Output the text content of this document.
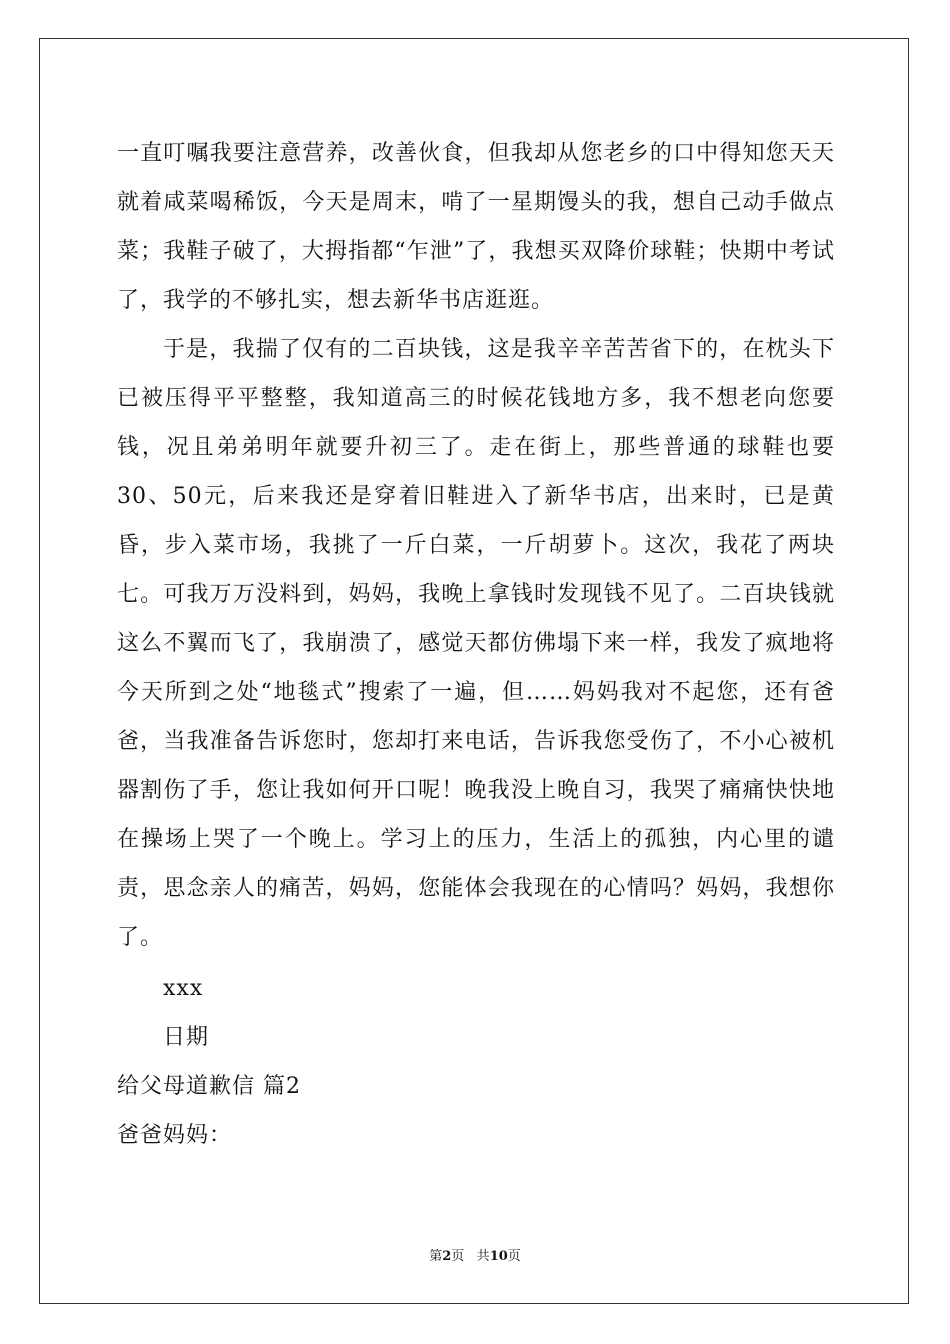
一直叮嘱我要注意营养，改善伙食，但我却从您老乡的口中得知您天天就着咸菜喝稀饭，今天是周末，啃了一星期馒头的我，想自己动手做点菜；我鞋子破了，大拇指都“乍泄”了，我想买双降价球鞋；快期中考试了，我学的不够扎实，想去新华书店逛逛。

于是，我揣了仅有的二百块钱，这是我辛辛苦苦省下的，在枕头下已被压得平平整整，我知道高三的时候花钱地方多，我不想老向您要钱，况且弟弟明年就要升初三了。走在街上，那些普通的球鞋也要30、50元，后来我还是穿着旧鞋进入了新华书店，出来时，已是黄昏，步入菜市场，我挑了一斤白菜，一斤胡萝卜。这次，我花了两块七。可我万万没料到，妈妈，我晚上拿钱时发现钱不见了。二百块钱就这么不翼而飞了，我崩溃了，感觉天都仿佛塌下来一样，我发了疯地将今天所到之处“地毯式”搜索了一遍，但……妈妈我对不起您，还有爸爸，当我准备告诉您时，您却打来电话，告诉我您受伤了，不小心被机器割伤了手，您让我如何开口呢！晚我没上晚自习，我哭了痛痛快快地在操场上哭了一个晚上。学习上的压力，生活上的孤独，内心里的谴责，思念亲人的痛苦，妈妈，您能体会我现在的心情吗？妈妈，我想你了。

xxx

日期

给父母道歉信 篇2

爸爸妈妈：

第2页 共10页
